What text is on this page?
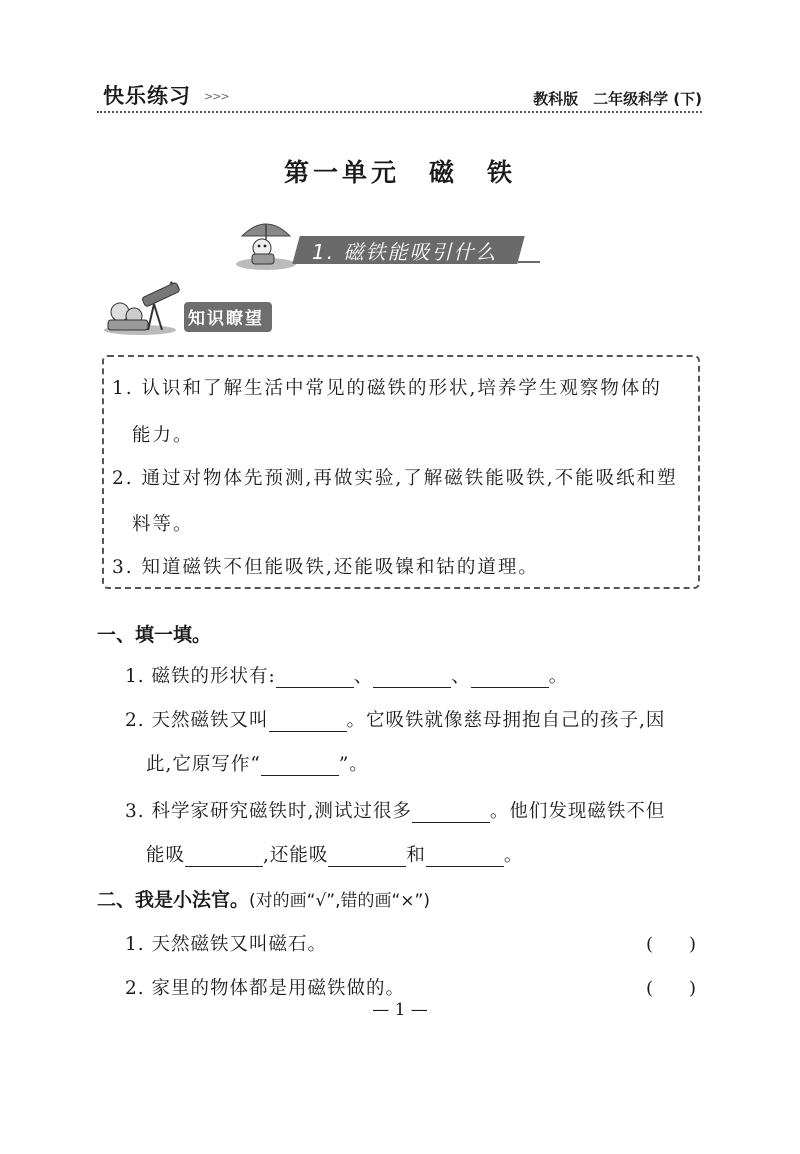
快乐练习 >>>	教科版　二年级科学 (下)
第一单元　磁　铁
1. 磁铁能吸引什么
✦
知识瞭望
1. 认识和了解生活中常见的磁铁的形状,培养学生观察物体的
能力。
2. 通过对物体先预测,再做实验,了解磁铁能吸铁,不能吸纸和塑
料等。
3. 知道磁铁不但能吸铁,还能吸镍和钴的道理。
一、填一填。
1. 磁铁的形状有:	、	、	。
2. 天然磁铁又叫	。它吸铁就像慈母拥抱自己的孩子,因
此,它原写作“	”。
3. 科学家研究磁铁时,测试过很多	。他们发现磁铁不但
能吸	,还能吸	和	。
二、我是小法官。(对的画“√”,错的画“×”)
1. 天然磁铁又叫磁石。	(　　)
2. 家里的物体都是用磁铁做的。	(　　)
— 1 —
